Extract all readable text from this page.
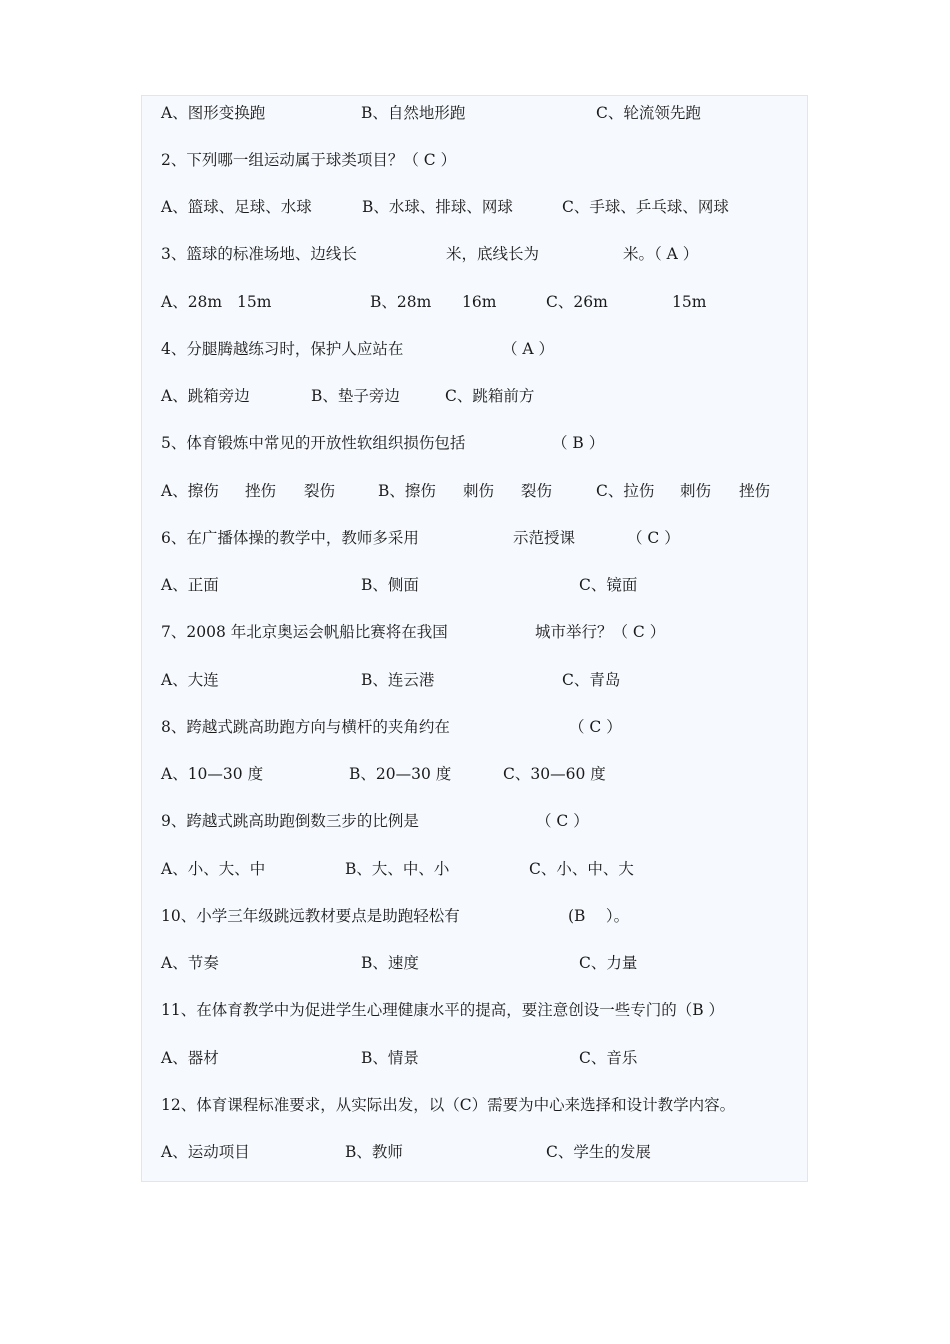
A、图形变换跑	B、自然地形跑	C、轮流领先跑
2、下列哪一组运动属于球类项目？（ C ）
A、篮球、足球、水球	B、水球、排球、网球	C、手球、乒乓球、网球
3、篮球的标准场地、边线长	米，底线长为	米。（ A ）
A、28m 15m	B、28m 16m	C、26m	15m
4、分腿腾越练习时，保护人应站在	（ A ）
A、跳箱旁边	B、垫子旁边	C、跳箱前方
5、体育锻炼中常见的开放性软组织损伤包括	（ B ）
A、擦伤 挫伤 裂伤	B、擦伤 刺伤 裂伤	C、拉伤 刺伤 挫伤
6、在广播体操的教学中，教师多采用	示范授课	（ C ）
A、正面	B、侧面	C、镜面
7、2008 年北京奥运会帆船比赛将在我国	城市举行？（ C ）
A、大连	B、连云港	C、青岛
8、跨越式跳高助跑方向与横杆的夹角约在	（ C ）
A、10—30 度	B、20—30 度	C、30—60 度
9、跨越式跳高助跑倒数三步的比例是	（ C ）
A、小、大、中	B、大、中、小	C、小、中、大
10、小学三年级跳远教材要点是助跑轻松有	(B　 ）。
A、节奏	B、速度	C、力量
11、在体育教学中为促进学生心理健康水平的提高，要注意创设一些专门的（B ）
A、器材	B、情景	C、音乐
12、体育课程标准要求，从实际出发，以（C）需要为中心来选择和设计教学内容。
A、运动项目	B、教师	C、学生的发展
